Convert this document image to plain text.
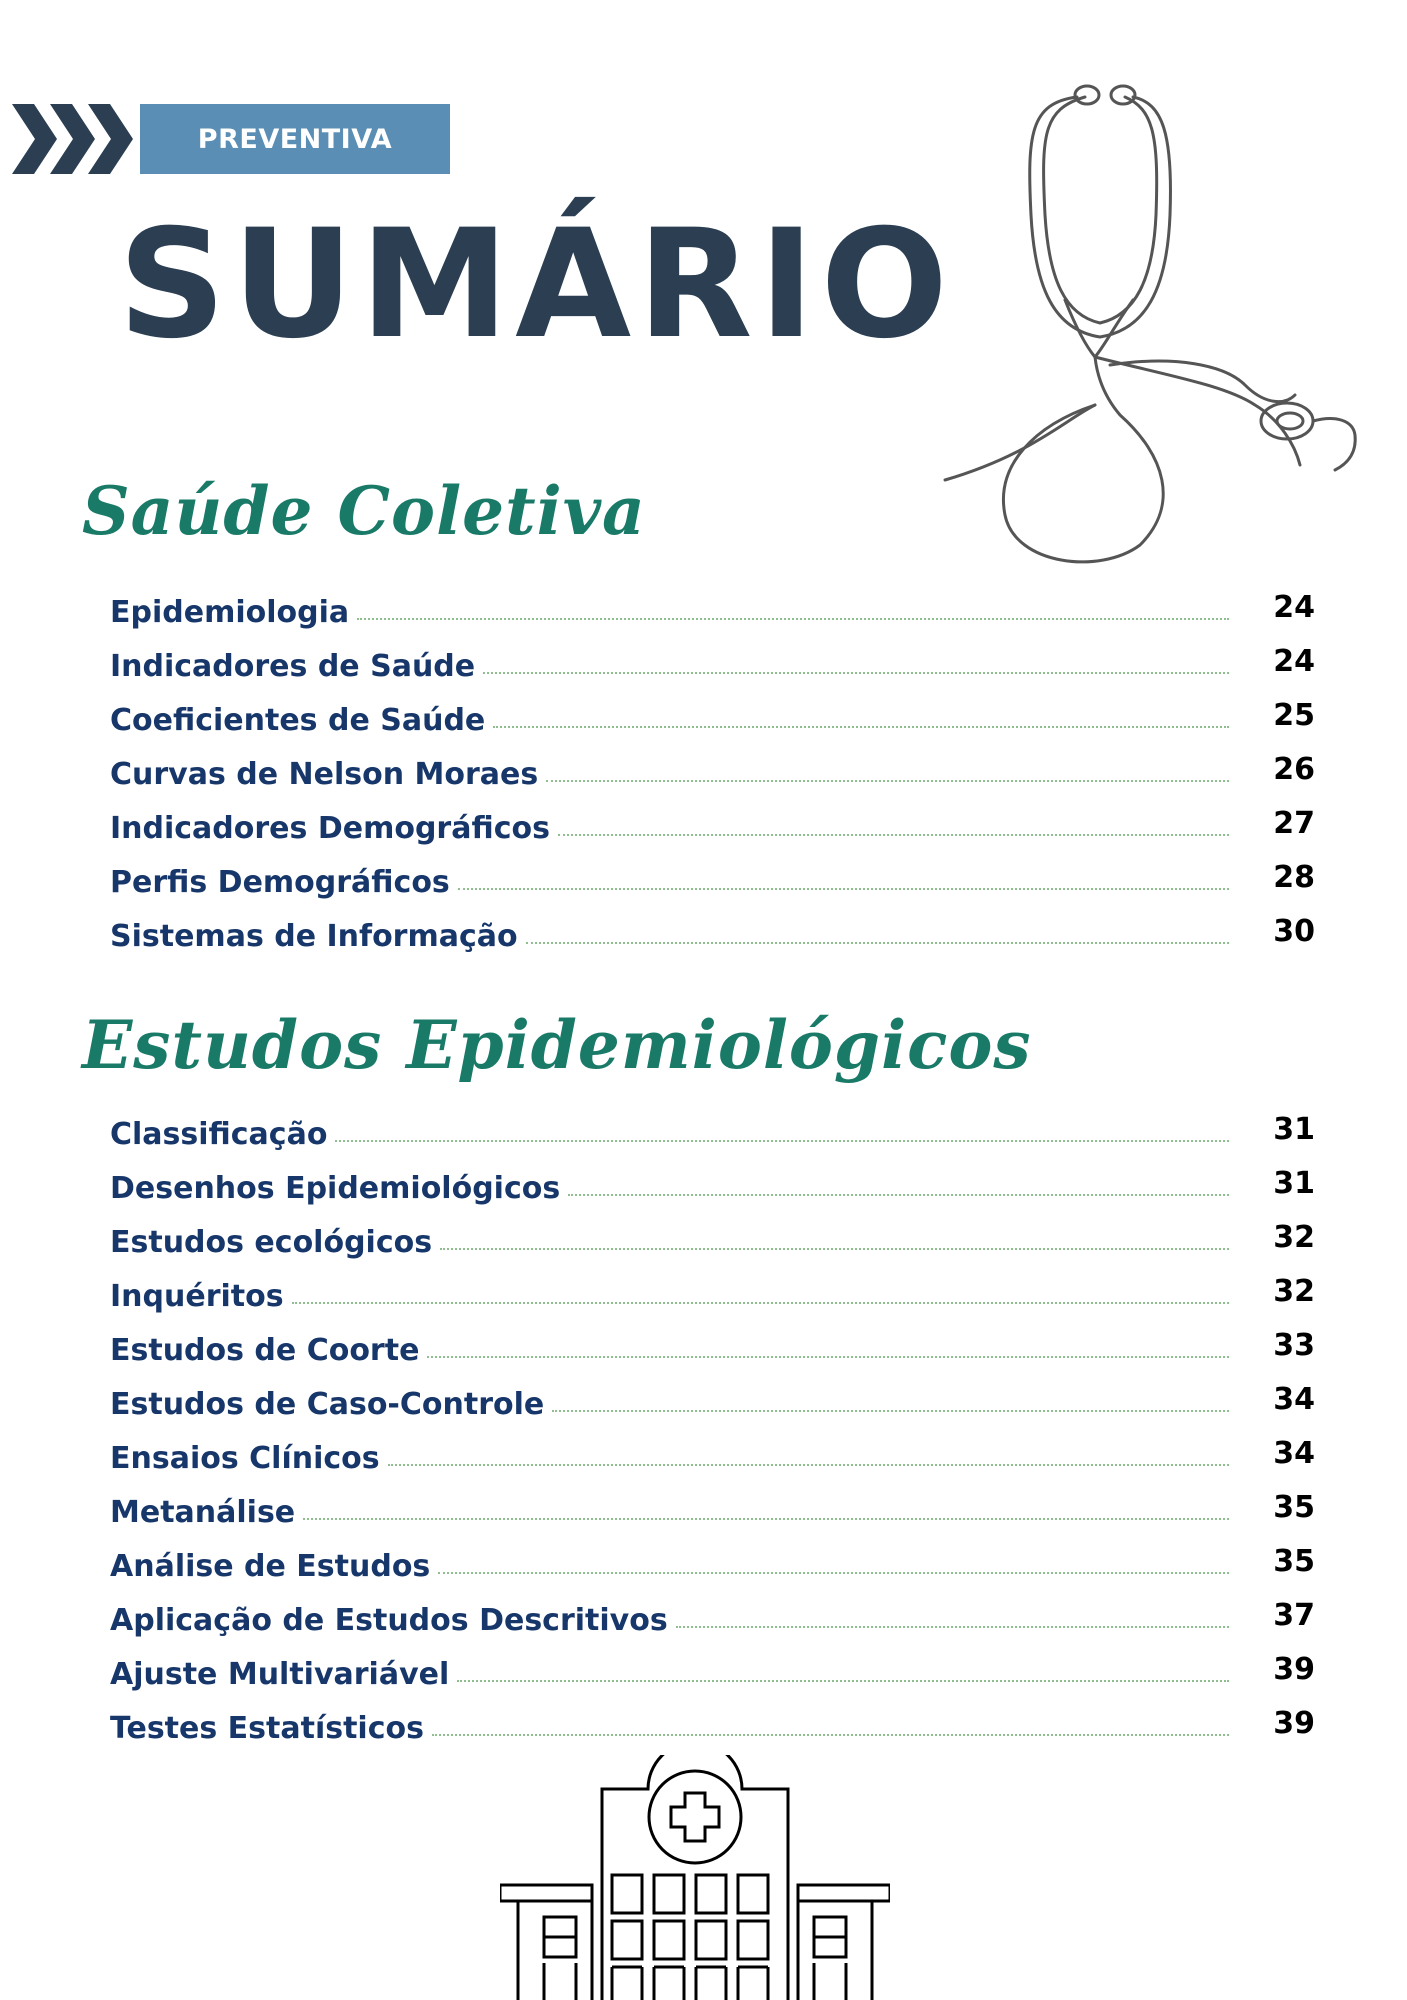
PREVENTIVA
SUMÁRIO
Saúde Coletiva
Epidemiologia	24
Indicadores de Saúde	24
Coeficientes de Saúde	25
Curvas de Nelson Moraes	26
Indicadores Demográficos	27
Perfis Demográficos	28
Sistemas de Informação	30
Estudos Epidemiológicos
Classificação	31
Desenhos Epidemiológicos	31
Estudos ecológicos	32
Inquéritos	32
Estudos de Coorte	33
Estudos de Caso-Controle	34
Ensaios Clínicos	34
Metanálise	35
Análise de Estudos	35
Aplicação de Estudos Descritivos	37
Ajuste Multivariável	39
Testes Estatísticos	39
